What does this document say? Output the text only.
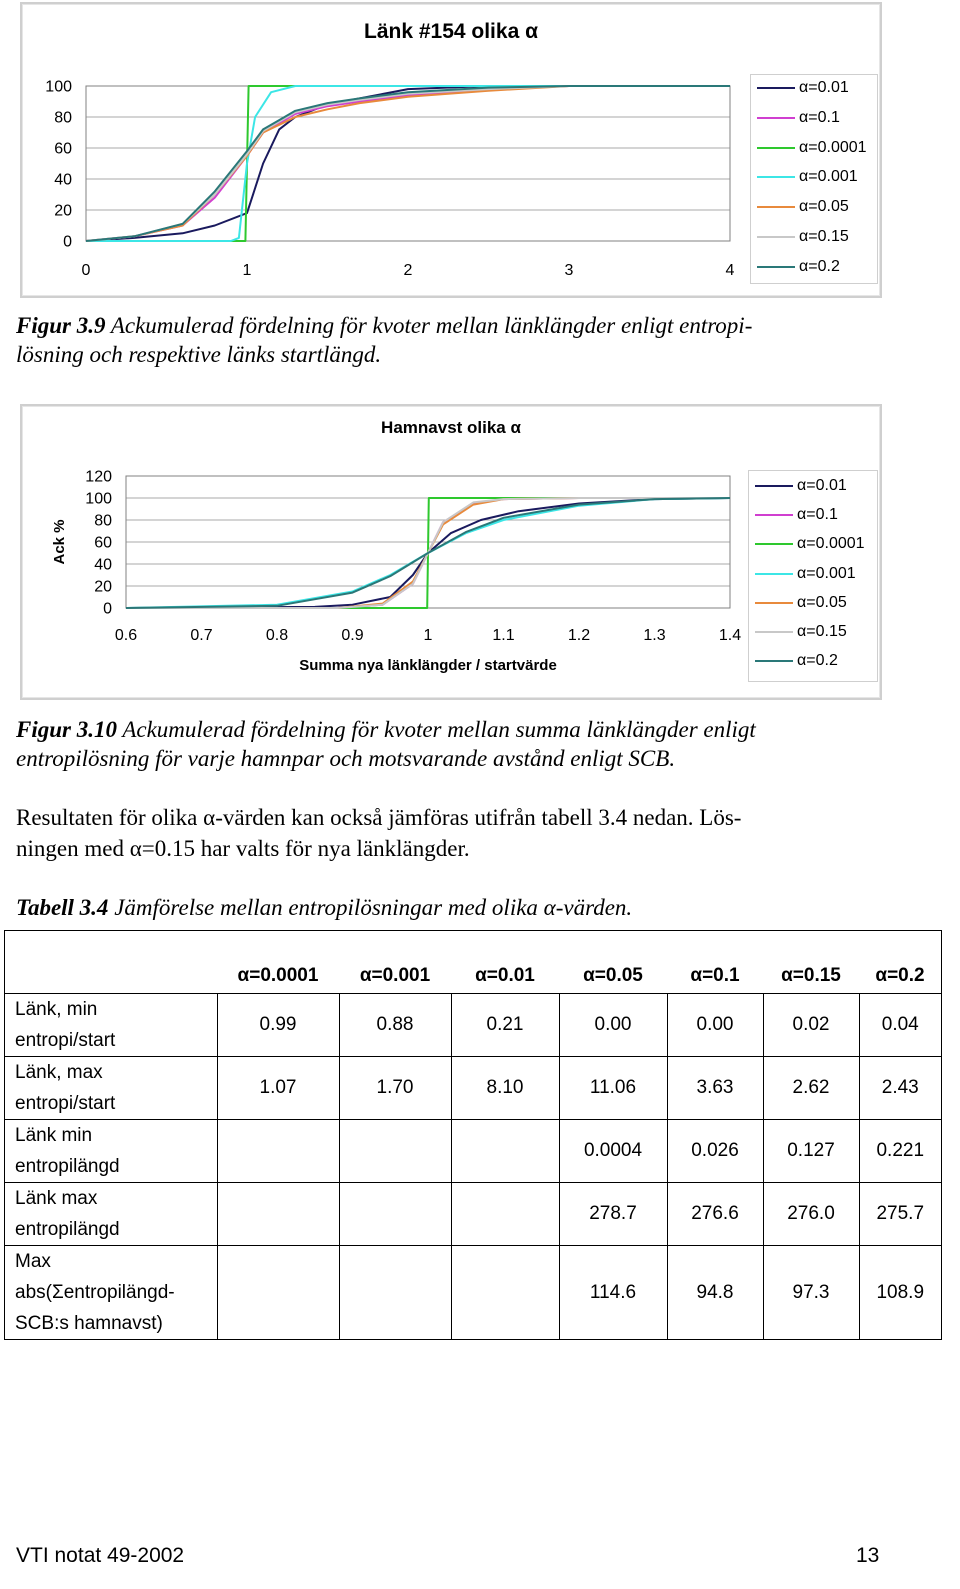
Länk #154 olika α
100
80
60
40
20
0
0	1	2	3	4
α=0.01
α=0.1
α=0.0001
α=0.001
α=0.05
α=0.15
α=0.2
Figur 3.9 Ackumulerad fördelning för kvoter mellan länklängder enligt entropi-
lösning och respektive länks startlängd.
Hamnavst olika α
120
100
80
60
40
20
0
0.6	0.7	0.8	0.9	1	1.1	1.2	1.3	1.4
Summa nya länklängder / startvärde
Ack %
α=0.01
α=0.1
α=0.0001
α=0.001
α=0.05
α=0.15
α=0.2
Figur 3.10 Ackumulerad fördelning för kvoter mellan summa länklängder enligt
entropilösning för varje hamnpar och motsvarande avstånd enligt SCB.
Resultaten för olika α-värden kan också jämföras utifrån tabell 3.4 nedan. Lös-
ningen med α=0.15 har valts för nya länklängder.
Tabell 3.4 Jämförelse mellan entropilösningar med olika α-värden.
	α=0.0001	α=0.001	α=0.01	α=0.05	α=0.1	α=0.15	α=0.2

Länk, min
entropi/start	0.99	0.88	0.21	0.00	0.00	0.02	0.04

Länk, max
entropi/start	1.07	1.70	8.10	11.06	3.63	2.62	2.43

Länk min
entropilängd				0.0004	0.026	0.127	0.221

Länk max
entropilängd				278.7	276.6	276.0	275.7

Max
abs(Σentropilängd-
SCB:s hamnavst)				114.6	94.8	97.3	108.9
VTI notat 49-2002	13
